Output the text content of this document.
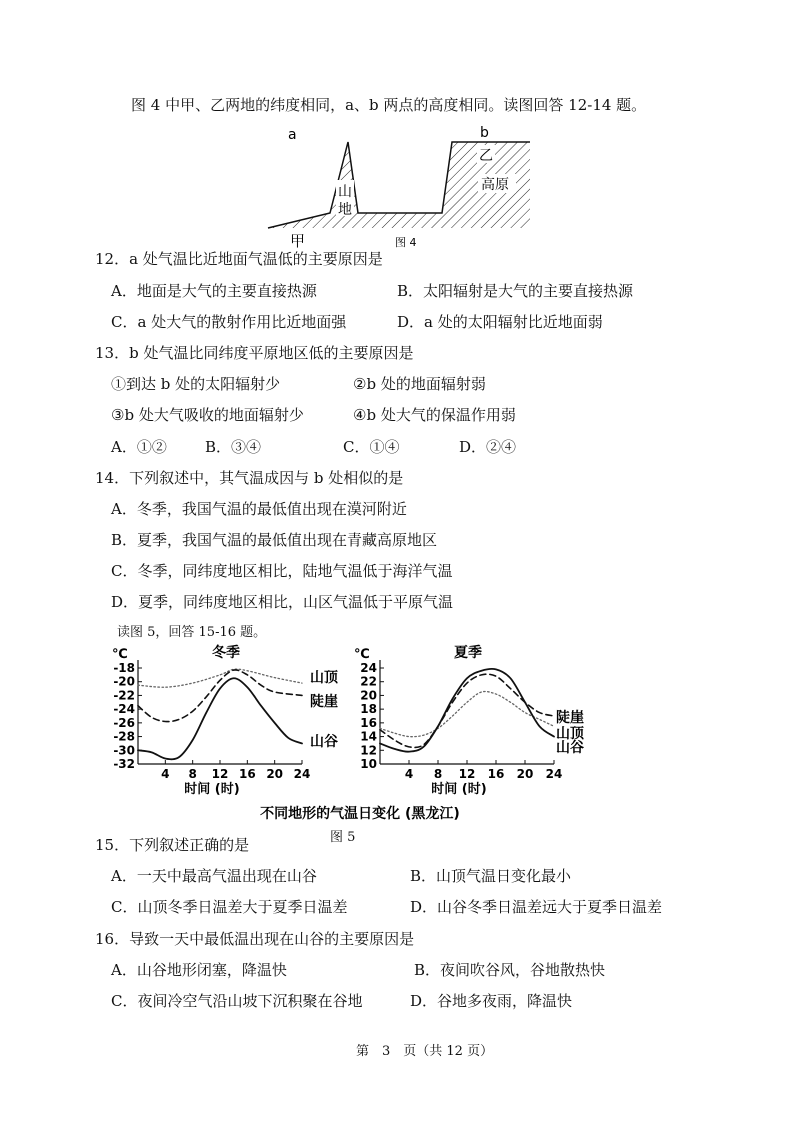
图 4 中甲、乙两地的纬度相同，a、b 两点的高度相同。读图回答 12-14 题。
a	b
山
地
乙
高原
甲	图 4
12．a 处气温比近地面气温低的主要原因是
A．地面是大气的主要直接热源	B．太阳辐射是大气的主要直接热源
C．a 处大气的散射作用比近地面强	D．a 处的太阳辐射比近地面弱
13．b 处气温比同纬度平原地区低的主要原因是
①到达 b 处的太阳辐射少	②b 处的地面辐射弱
③b 处大气吸收的地面辐射少	④b 处大气的保温作用弱
A．①②	B．③④	C．①④	D．②④
14．下列叙述中，其气温成因与 b 处相似的是
A．冬季，我国气温的最低值出现在漠河附近
B．夏季，我国气温的最低值出现在青藏高原地区
C．冬季，同纬度地区相比，陆地气温低于海洋气温
D．夏季，同纬度地区相比，山区气温低于平原气温
读图 5，回答 15-16 题。
℃	冬季
-18
-20
-22
-24
-26
-28
-30
-32
4 8 12 16 20 24
时间 (时)
山顶
陡崖
山谷
℃	夏季
24
22
20
18
16
14
12
10
4 8 12 16 20 24
时间 (时)
陡崖
山顶
山谷
不同地形的气温日变化 (黑龙江)
图 5
15．下列叙述正确的是
A．一天中最高气温出现在山谷	B．山顶气温日变化最小
C．山顶冬季日温差大于夏季日温差	D．山谷冬季日温差远大于夏季日温差
16．导致一天中最低温出现在山谷的主要原因是
A．山谷地形闭塞，降温快	B．夜间吹谷风，谷地散热快
C．夜间冷空气沿山坡下沉积聚在谷地	D．谷地多夜雨，降温快
第　3　页（共 12 页）
